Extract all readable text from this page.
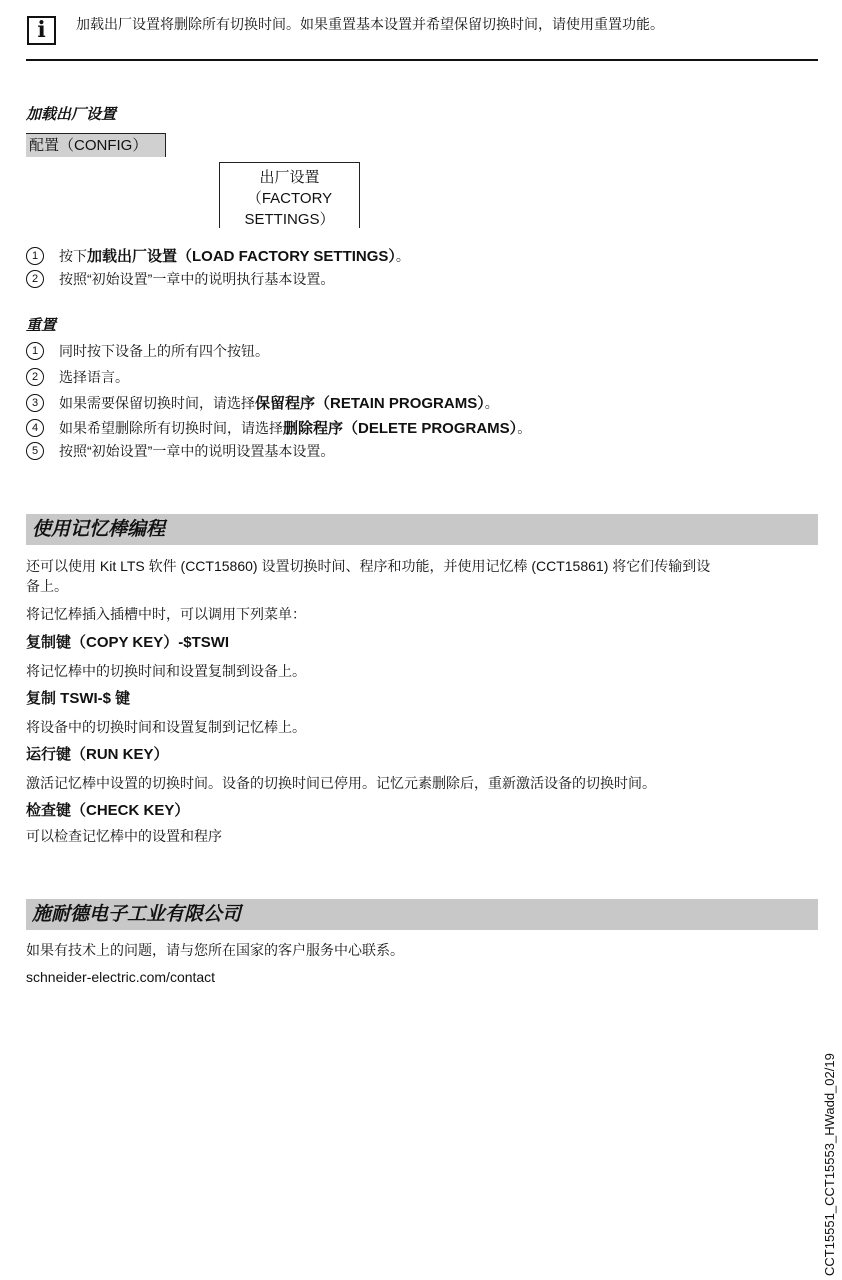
i	加载出厂设置将删除所有切换时间。如果重置基本设置并希望保留切换时间，请使用重置功能。
加载出厂设置
配置（CONFIG）
出厂设置
（FACTORY
SETTINGS）
1 按下加载出厂设置（LOAD FACTORY SETTINGS）。
2 按照“初始设置”一章中的说明执行基本设置。
重置
1 同时按下设备上的所有四个按钮。
2 选择语言。
3 如果需要保留切换时间，请选择保留程序（RETAIN PROGRAMS）。
4 如果希望删除所有切换时间，请选择删除程序（DELETE PROGRAMS）。
5 按照“初始设置”一章中的说明设置基本设置。
使用记忆棒编程
还可以使用 Kit LTS 软件 (CCT15860) 设置切换时间、程序和功能，并使用记忆棒 (CCT15861) 将它们传输到设
备上。
将记忆棒插入插槽中时，可以调用下列菜单：
复制键（COPY KEY）-$TSWI
将记忆棒中的切换时间和设置复制到设备上。
复制 TSWI-$ 键
将设备中的切换时间和设置复制到记忆棒上。
运行键（RUN KEY）
激活记忆棒中设置的切换时间。设备的切换时间已停用。记忆元素删除后，重新激活设备的切换时间。
检查键（CHECK KEY）
可以检查记忆棒中的设置和程序
施耐德电子工业有限公司
如果有技术上的问题，请与您所在国家的客户服务中心联系。
schneider-electric.com/contact
CCT15551_CCT15553_HWadd_02/19
